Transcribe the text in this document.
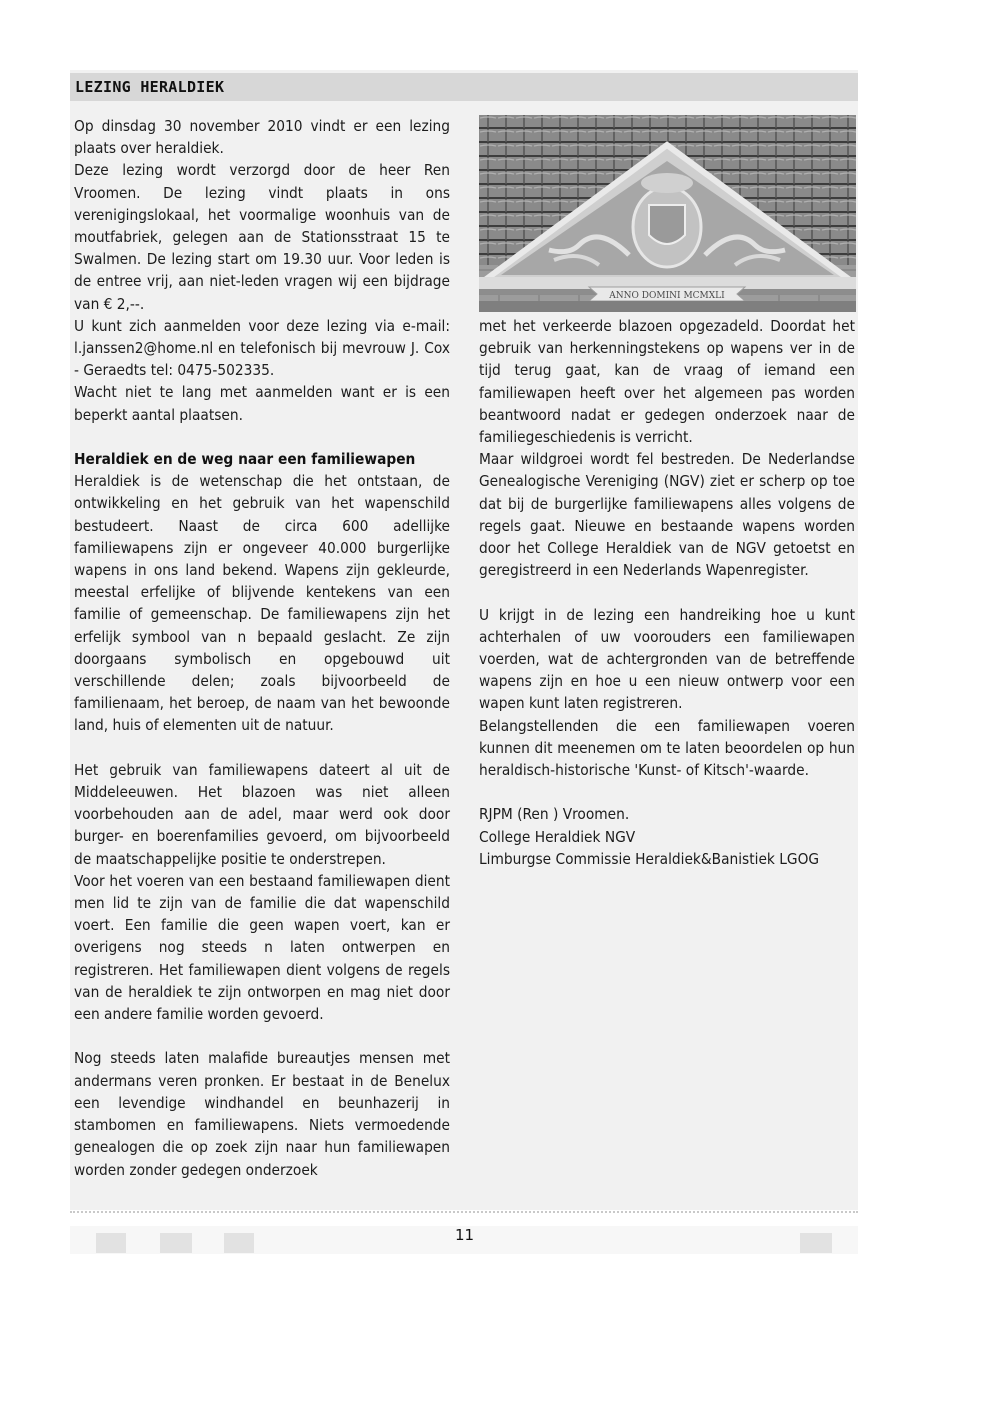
LEZING HERALDIEK

Op dinsdag 30 november 2010 vindt er een lezing plaats over heraldiek.

Deze lezing wordt verzorgd door de heer Ren Vroomen. De lezing vindt plaats in ons verenigingslokaal, het voormalige woonhuis van de moutfabriek, gelegen aan de Stationsstraat 15 te Swalmen. De lezing start om 19.30 uur. Voor leden is de entree vrij, aan niet-leden vragen wij een bijdrage van € 2,--.

U kunt zich aanmelden voor deze lezing via e-mail: l.janssen2@home.nl en telefonisch bij mevrouw J. Cox - Geraedts tel: 0475-502335.

Wacht niet te lang met aanmelden want er is een beperkt aantal plaatsen.

Heraldiek en de weg naar een familiewapen

Heraldiek is de wetenschap die het ontstaan, de ontwikkeling en het gebruik van het wapenschild bestudeert. Naast de circa 600 adellijke familiewapens zijn er ongeveer 40.000 burgerlijke wapens in ons land bekend. Wapens zijn gekleurde, meestal erfelijke of blijvende kentekens van een familie of gemeenschap. De familiewapens zijn het erfelijk symbool van n bepaald geslacht. Ze zijn doorgaans symbolisch en opgebouwd uit verschillende delen; zoals bijvoorbeeld de familienaam, het beroep, de naam van het bewoonde land, huis of elementen uit de natuur.

Het gebruik van familiewapens dateert al uit de Middeleeuwen. Het blazoen was niet alleen voorbehouden aan de adel, maar werd ook door burger- en boerenfamilies gevoerd, om bijvoorbeeld de maatschappelijke positie te onderstrepen.

Voor het voeren van een bestaand familiewapen dient men lid te zijn van de familie die dat wapenschild voert. Een familie die geen wapen voert, kan er overigens nog steeds n laten ontwerpen en registreren. Het familiewapen dient volgens de regels van de heraldiek te zijn ontworpen en mag niet door een andere familie worden gevoerd.

Nog steeds laten malafide bureautjes mensen met andermans veren pronken. Er bestaat in de Benelux een levendige windhandel en beunhazerij in stambomen en familiewapens. Niets vermoedende genealogen die op zoek zijn naar hun familiewapen worden zonder gedegen onderzoek

ANNO DOMINI MCMXLI

met het verkeerde blazoen opgezadeld. Doordat het gebruik van herkenningstekens op wapens ver in de tijd terug gaat, kan de vraag of iemand een familiewapen heeft over het algemeen pas worden beantwoord nadat er gedegen onderzoek naar de familiegeschiedenis is verricht.

Maar wildgroei wordt fel bestreden. De Nederlandse Genealogische Vereniging (NGV) ziet er scherp op toe dat bij de burgerlijke familiewapens alles volgens de regels gaat. Nieuwe en bestaande wapens worden door het College Heraldiek van de NGV getoetst en geregistreerd in een Nederlands Wapenregister.

U krijgt in de lezing een handreiking hoe u kunt achterhalen of uw voorouders een familiewapen voerden, wat de achtergronden van de betreffende wapens zijn en hoe u een nieuw ontwerp voor een wapen kunt laten registreren.

Belangstellenden die een familiewapen voeren kunnen dit meenemen om te laten beoordelen op hun heraldisch-historische 'Kunst- of Kitsch'-waarde.

RJPM (Ren ) Vroomen.

College Heraldiek NGV

Limburgse Commissie Heraldiek&Banistiek LGOG

11
